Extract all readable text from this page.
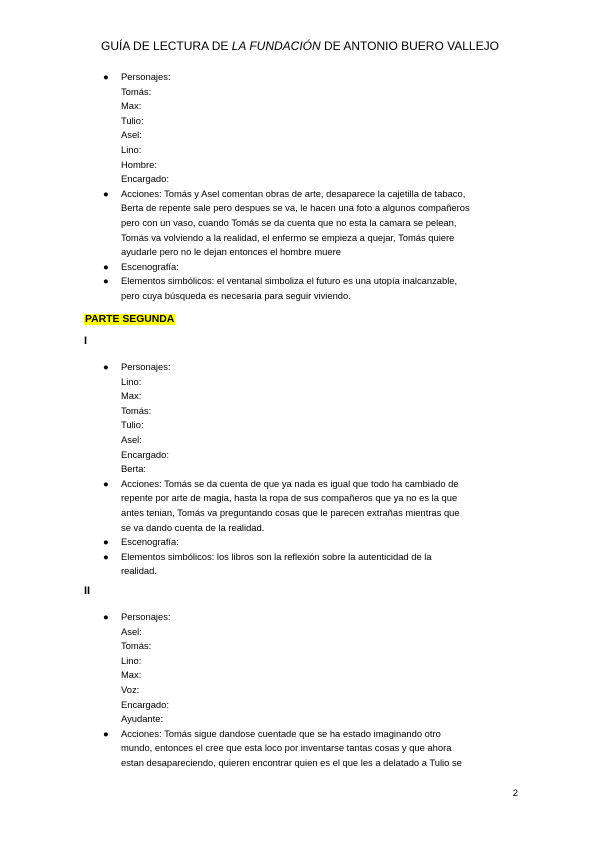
GUÍA DE LECTURA DE LA FUNDACIÓN DE ANTONIO BUERO VALLEJO
● Personajes:
Tomás:
Max:
Tulio:
Asel:
Lino:
Hombre:
Encargado:
● Acciones: Tomás y Asel comentan obras de arte, desaparece la cajetilla de tabaco,
Berta de repente sale pero despues se va, le hacen una foto a algunos compañeros
pero con un vaso, cuando Tomás se da cuenta que no esta la camara se pelean,
Tomás va volviendo a la realidad, el enfermo se empieza a quejar, Tomás quiere
ayudarle pero no le dejan entonces el hombre muere
● Escenografía:
● Elementos simbólicos: el ventanal simboliza el futuro es una utopía inalcanzable,
pero cuya búsqueda es necesaria para seguir viviendo.
PARTE SEGUNDA
I
● Personajes:
Lino:
Max:
Tomás:
Tulio:
Asel:
Encargado:
Berta:
● Acciones: Tomás se da cuenta de que ya nada es igual que todo ha cambiado de
repente por arte de magia, hasta la ropa de sus compañeros que ya no es la que
antes tenian, Tomás va preguntando cosas que le parecen extrañas mientras que
se va dando cuenta de la realidad.
● Escenografía:
● Elementos simbólicos: los libros son la reflexión sobre la autenticidad de la
realidad.
II
● Personajes:
Asel:
Tomás:
Lino:
Max:
Voz:
Encargado:
Ayudante:
● Acciones: Tomás sigue dandose cuentade que se ha estado imaginando otro
mundo, entonces el cree que esta loco por inventarse tantas cosas y que ahora
estan desapareciendo, quieren encontrar quien es el que les a delatado a Tulio se
2
